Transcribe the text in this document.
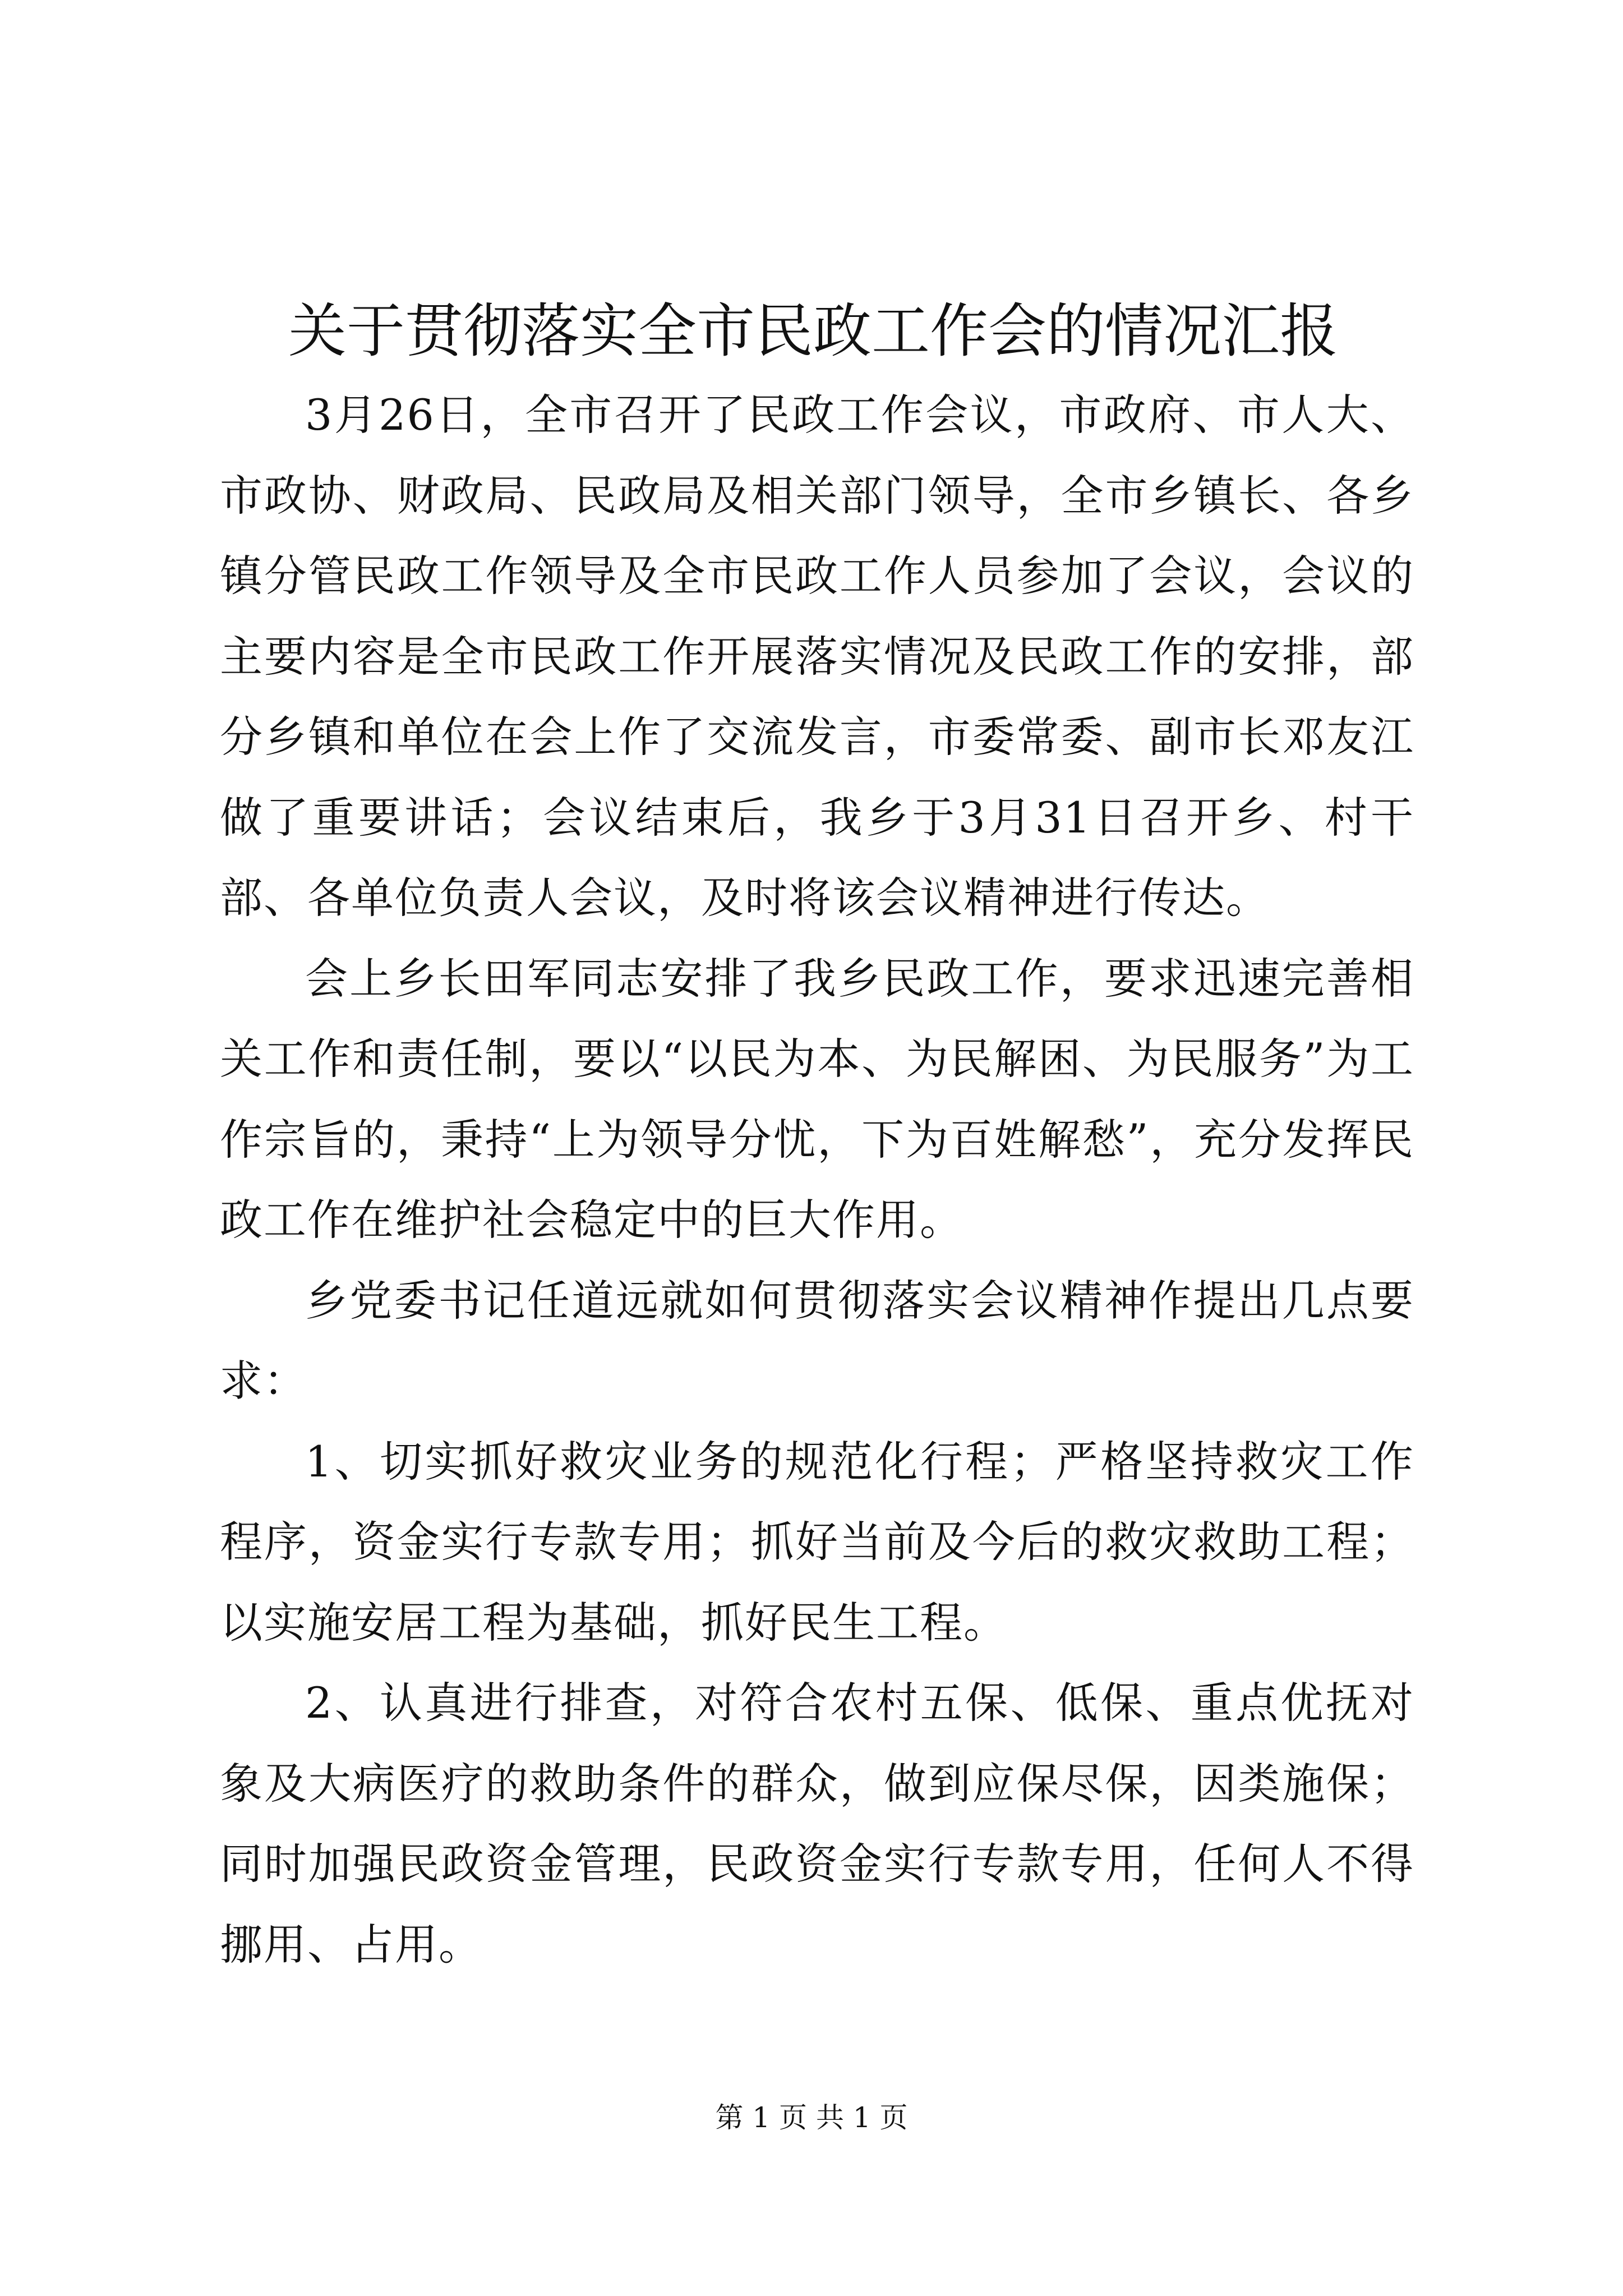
关于贯彻落实全市民政工作会的情况汇报

3月26日，全市召开了民政工作会议，市政府、市人大、市政协、财政局、民政局及相关部门领导，全市乡镇长、各乡镇分管民政工作领导及全市民政工作人员参加了会议，会议的主要内容是全市民政工作开展落实情况及民政工作的安排，部分乡镇和单位在会上作了交流发言，市委常委、副市长邓友江做了重要讲话；会议结束后，我乡于3月31日召开乡、村干部、各单位负责人会议，及时将该会议精神进行传达。

会上乡长田军同志安排了我乡民政工作，要求迅速完善相关工作和责任制，要以“以民为本、为民解困、为民服务”为工作宗旨的，秉持“上为领导分忧，下为百姓解愁”，充分发挥民政工作在维护社会稳定中的巨大作用。

乡党委书记任道远就如何贯彻落实会议精神作提出几点要求：

1、切实抓好救灾业务的规范化行程；严格坚持救灾工作程序，资金实行专款专用；抓好当前及今后的救灾救助工程；以实施安居工程为基础，抓好民生工程。

2、认真进行排查，对符合农村五保、低保、重点优抚对象及大病医疗的救助条件的群众，做到应保尽保，因类施保；同时加强民政资金管理，民政资金实行专款专用，任何人不得挪用、占用。

第 1 页 共 1 页
